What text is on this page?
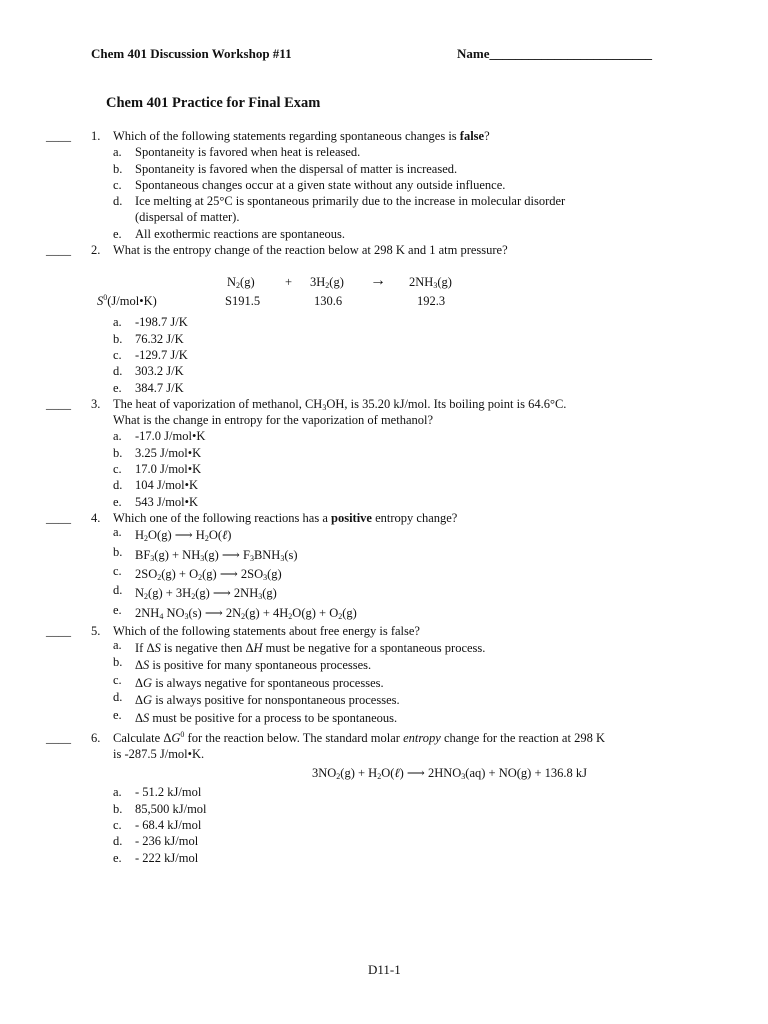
Chem 401 Discussion Workshop #11	Name_________________________
Chem 401 Practice for Final Exam
____ 1. Which of the following statements regarding spontaneous changes is false?
a. Spontaneity is favored when heat is released.
b. Spontaneity is favored when the dispersal of matter is increased.
c. Spontaneous changes occur at a given state without any outside influence.
d. Ice melting at 25°C is spontaneous primarily due to the increase in molecular disorder
(dispersal of matter).
e. All exothermic reactions are spontaneous.
____ 2. What is the entropy change of the reaction below at 298 K and 1 atm pressure?
$N_2(g) + 3H_2(g) \to 2NH_3(g)$
$S^0$ (J/mol•K)	S191.5	130.6	192.3
a. -198.7 J/K
b. 76.32 J/K
c. -129.7 J/K
d. 303.2 J/K
e. 384.7 J/K
____ 3. The heat of vaporization of methanol, $CH_3OH$, is 35.20 kJ/mol. Its boiling point is 64.6°C.
What is the change in entropy for the vaporization of methanol?
a. -17.0 J/mol•K
b. 3.25 J/mol•K
c. 17.0 J/mol•K
d. 104 J/mol•K
e. 543 J/mol•K
____ 4. Which one of the following reactions has a positive entropy change?
a. $H_2O(g)$ ⟶ $H_2O(\ell)$
b. $BF_3(g) + NH_3(g)$ ⟶ $F_3BNH_3(s)$
c. $2SO_2(g) + O_2(g)$ ⟶ $2SO_3(g)$
d. $N_2(g) + 3H_2(g)$ ⟶ $2NH_3(g)$
e. $2NH_4$ $NO_3(s)$ ⟶ $2N_2(g) + 4H_2O(g) + O_2(g)$
____ 5. Which of the following statements about free energy is false?
a. If ΔS is negative then ΔH must be negative for a spontaneous process.
b. ΔS is positive for many spontaneous processes.
c. ΔG is always negative for spontaneous processes.
d. ΔG is always positive for nonspontaneous processes.
e. ΔS must be positive for a process to be spontaneous.
____ 6. Calculate $\Delta G^0$ for the reaction below. The standard molar entropy change for the reaction at 298 K
is -287.5 J/mol•K.
$3NO_2(g)$ + $H_2O(\ell)$ ⟶ $2HNO_3(aq) + NO(g) + 136.8$ kJ
a. - 51.2 kJ/mol
b. 85,500 kJ/mol
c. - 68.4 kJ/mol
d. - 236 kJ/mol
e. - 222 kJ/mol
D11-1
